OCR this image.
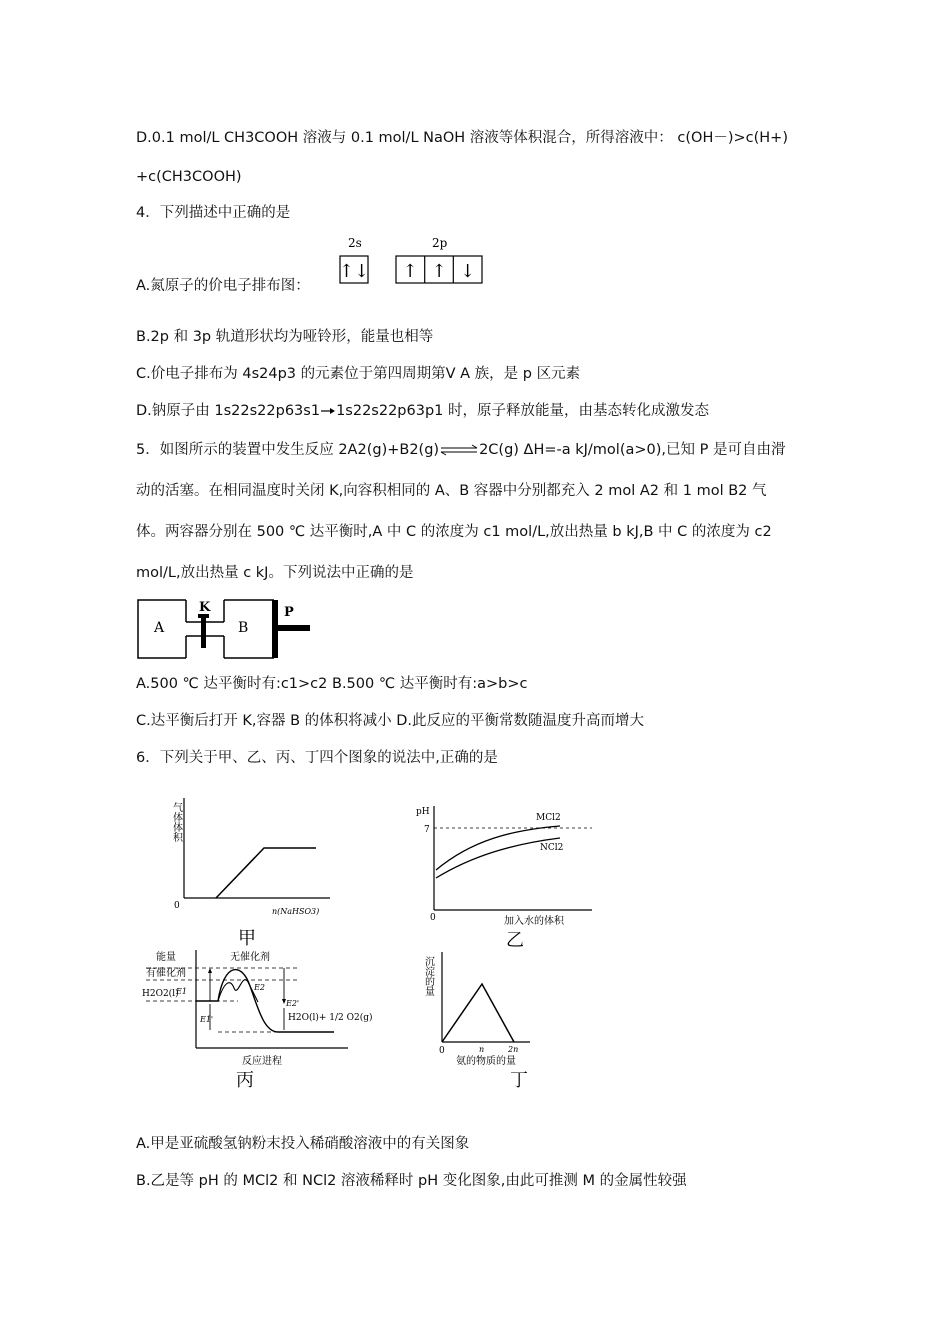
D.0.1 mol/L CH3COOH 溶液与 0.1 mol/L NaOH 溶液等体积混合，所得溶液中： c(OH－)>c(H+)
+c(CH3COOH)
4．下列描述中正确的是
A.氮原子的价电子排布图：
2s	2p
↑↓ ↑ ↑ ↓
B.2p 和 3p 轨道形状均为哑铃形，能量也相等
C.价电子排布为 4s24p3 的元素位于第四周期第Ⅴ A 族，是 p 区元素
D.钠原子由 1s22s22p63s1 1s22s22p63p1 时，原子释放能量，由基态转化成激发态
5．如图所示的装置中发生反应 2A2(g)+B2(g)⇌2C(g) ΔH=-a kJ/mol(a>0),已知 P 是可自由滑
动的活塞。在相同温度时关闭 K,向容积相同的 A、B 容器中分别都充入 2 mol A2 和 1 mol B2 气
体。两容器分别在 500 ℃ 达平衡时,A 中 C 的浓度为 c1 mol/L,放出热量 b kJ,B 中 C 的浓度为 c2
mol/L,放出热量 c kJ。下列说法中正确的是
A
K
B
P
A.500 ℃ 达平衡时有:c1>c2 B.500 ℃ 达平衡时有:a>b>c
C.达平衡后打开 K,容器 B 的体积将减小 D.此反应的平衡常数随温度升高而增大
6．下列关于甲、乙、丙、丁四个图象的说法中,正确的是
气体体积
0
n(NaHSO3)
甲
pH
7
0
MCl2
NCl2
加入水的体积
乙
能量	无催化剂
有催化剂
H2O2(l)
E1	E2
E1'
E2'
H2O(l)+ 1/2 O2(g)
反应进程
丙
沉淀的量
0	n	2n
氨的物质的量
丁
A.甲是亚硫酸氢钠粉末投入稀硝酸溶液中的有关图象
B.乙是等 pH 的 MCl2 和 NCl2 溶液稀释时 pH 变化图象,由此可推测 M 的金属性较强
